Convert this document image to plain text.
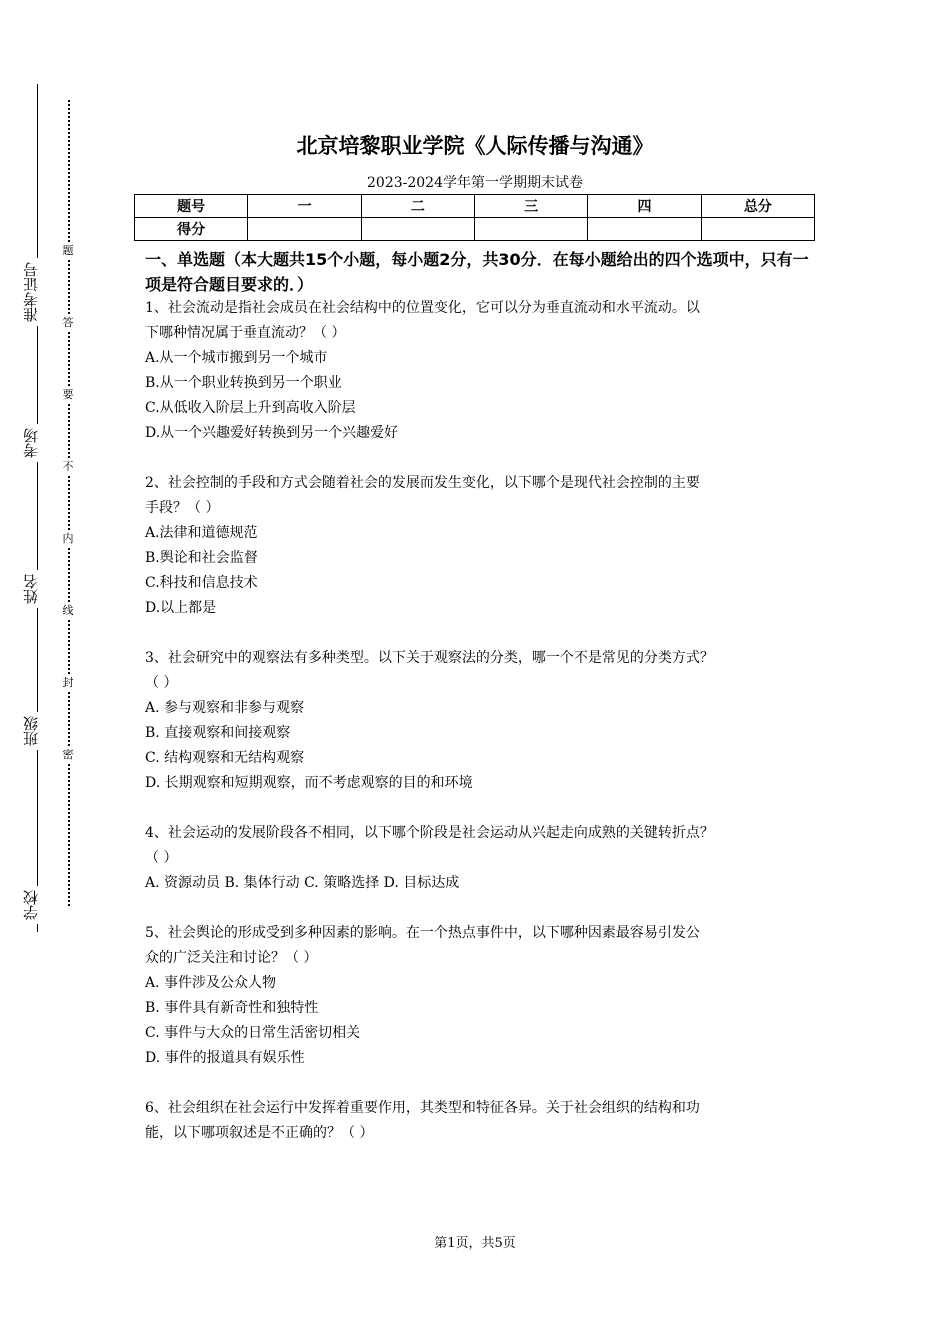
准考证号
考场
姓名
班级
学校
题
答
要
不
内
线
封
密
北京培黎职业学院《人际传播与沟通》
2023-2024学年第一学期期末试卷
题号	一	二	三	四	总分
得分					
一、单选题（本大题共15个小题，每小题2分，共30分．在每小题给出的四个选项中，只有一项是符合题目要求的．）

1、社会流动是指社会成员在社会结构中的位置变化，它可以分为垂直流动和水平流动。以

下哪种情况属于垂直流动？（ ）

A.从一个城市搬到另一个城市

B.从一个职业转换到另一个职业

C.从低收入阶层上升到高收入阶层

D.从一个兴趣爱好转换到另一个兴趣爱好

2、社会控制的手段和方式会随着社会的发展而发生变化，以下哪个是现代社会控制的主要

手段？（ ）

A.法律和道德规范

B.舆论和社会监督

C.科技和信息技术

D.以上都是

3、社会研究中的观察法有多种类型。以下关于观察法的分类，哪一个不是常见的分类方式？

（ ）

A. 参与观察和非参与观察

B. 直接观察和间接观察

C. 结构观察和无结构观察

D. 长期观察和短期观察，而不考虑观察的目的和环境

4、社会运动的发展阶段各不相同，以下哪个阶段是社会运动从兴起走向成熟的关键转折点？

（ ）

A. 资源动员 B. 集体行动 C. 策略选择 D. 目标达成

5、社会舆论的形成受到多种因素的影响。在一个热点事件中，以下哪种因素最容易引发公

众的广泛关注和讨论？（ ）

A. 事件涉及公众人物

B. 事件具有新奇性和独特性

C. 事件与大众的日常生活密切相关

D. 事件的报道具有娱乐性

6、社会组织在社会运行中发挥着重要作用，其类型和特征各异。关于社会组织的结构和功

能，以下哪项叙述是不正确的？（ ）

第1页，共5页
